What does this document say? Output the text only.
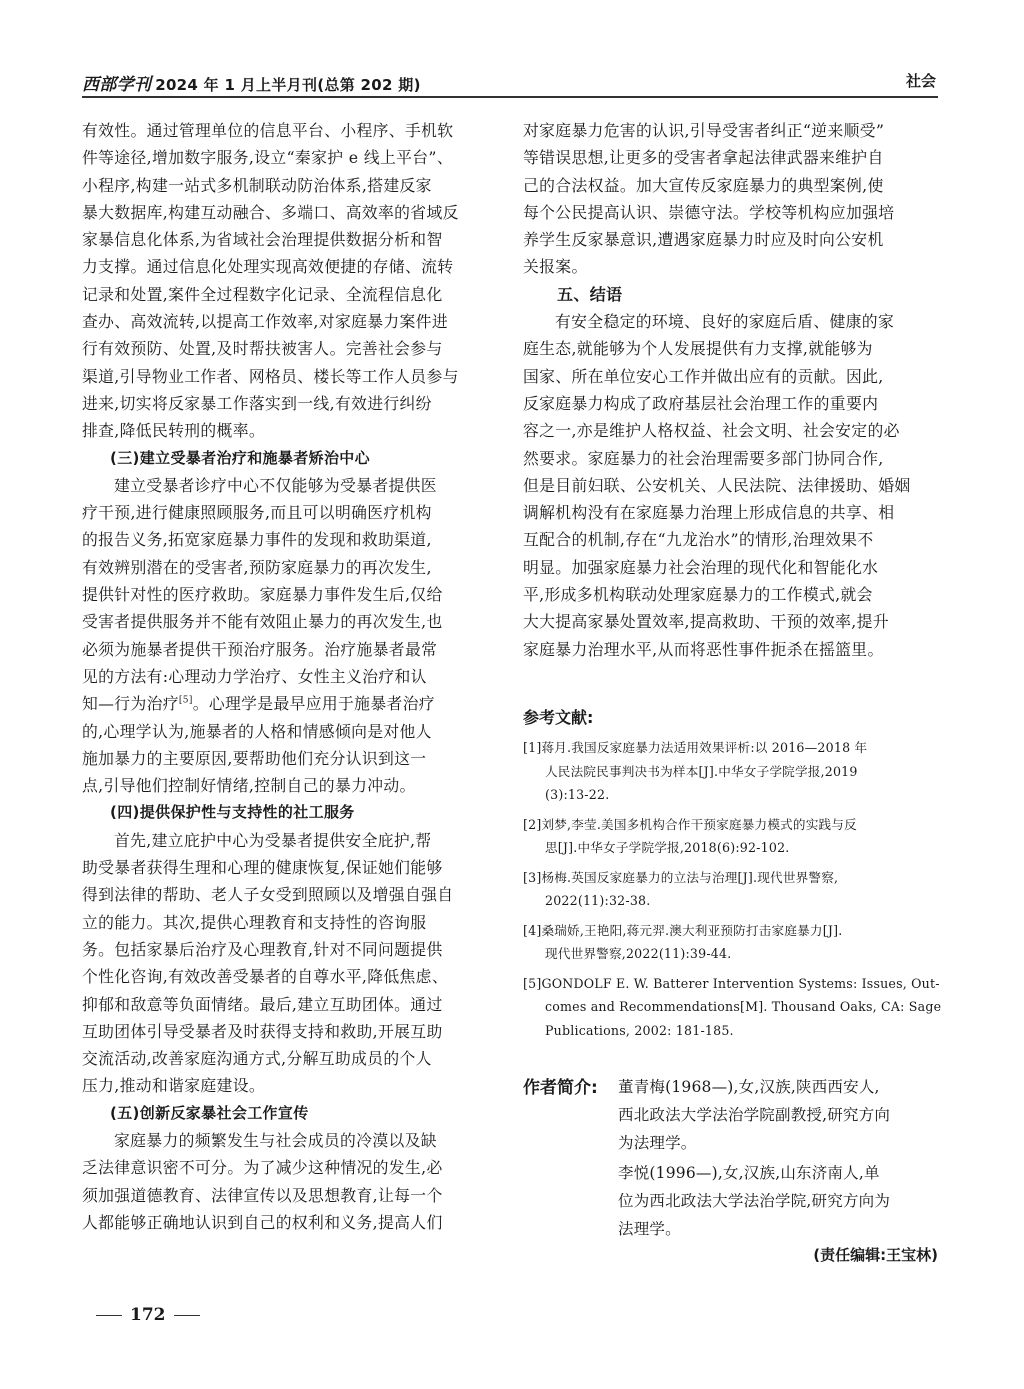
西部学刊 2024 年 1 月上半月刊(总第 202 期)	社会
有效性。通过管理单位的信息平台、小程序、手机软
件等途径,增加数字服务,设立“秦家护 e 线上平台”、
小程序,构建一站式多机制联动防治体系,搭建反家
暴大数据库,构建互动融合、多端口、高效率的省域反
家暴信息化体系,为省域社会治理提供数据分析和智
力支撑。通过信息化处理实现高效便捷的存储、流转
记录和处置,案件全过程数字化记录、全流程信息化
查办、高效流转,以提高工作效率,对家庭暴力案件进
行有效预防、处置,及时帮扶被害人。完善社会参与
渠道,引导物业工作者、网格员、楼长等工作人员参与
进来,切实将反家暴工作落实到一线,有效进行纠纷
排查,降低民转刑的概率。
(三)建立受暴者治疗和施暴者矫治中心
建立受暴者诊疗中心不仅能够为受暴者提供医
疗干预,进行健康照顾服务,而且可以明确医疗机构
的报告义务,拓宽家庭暴力事件的发现和救助渠道,
有效辨别潜在的受害者,预防家庭暴力的再次发生,
提供针对性的医疗救助。家庭暴力事件发生后,仅给
受害者提供服务并不能有效阻止暴力的再次发生,也
必须为施暴者提供干预治疗服务。治疗施暴者最常
见的方法有:心理动力学治疗、女性主义治疗和认
知—行为治疗[5]。心理学是最早应用于施暴者治疗
的,心理学认为,施暴者的人格和情感倾向是对他人
施加暴力的主要原因,要帮助他们充分认识到这一
点,引导他们控制好情绪,控制自己的暴力冲动。
(四)提供保护性与支持性的社工服务
首先,建立庇护中心为受暴者提供安全庇护,帮
助受暴者获得生理和心理的健康恢复,保证她们能够
得到法律的帮助、老人子女受到照顾以及增强自强自
立的能力。其次,提供心理教育和支持性的咨询服
务。包括家暴后治疗及心理教育,针对不同问题提供
个性化咨询,有效改善受暴者的自尊水平,降低焦虑、
抑郁和敌意等负面情绪。最后,建立互助团体。通过
互助团体引导受暴者及时获得支持和救助,开展互助
交流活动,改善家庭沟通方式,分解互助成员的个人
压力,推动和谐家庭建设。
(五)创新反家暴社会工作宣传
家庭暴力的频繁发生与社会成员的冷漠以及缺
乏法律意识密不可分。为了减少这种情况的发生,必
须加强道德教育、法律宣传以及思想教育,让每一个
人都能够正确地认识到自己的权利和义务,提高人们
对家庭暴力危害的认识,引导受害者纠正“逆来顺受”
等错误思想,让更多的受害者拿起法律武器来维护自
己的合法权益。加大宣传反家庭暴力的典型案例,使
每个公民提高认识、崇德守法。学校等机构应加强培
养学生反家暴意识,遭遇家庭暴力时应及时向公安机
关报案。
五、结语
有安全稳定的环境、良好的家庭后盾、健康的家
庭生态,就能够为个人发展提供有力支撑,就能够为
国家、所在单位安心工作并做出应有的贡献。因此,
反家庭暴力构成了政府基层社会治理工作的重要内
容之一,亦是维护人格权益、社会文明、社会安定的必
然要求。家庭暴力的社会治理需要多部门协同合作,
但是目前妇联、公安机关、人民法院、法律援助、婚姻
调解机构没有在家庭暴力治理上形成信息的共享、相
互配合的机制,存在“九龙治水”的情形,治理效果不
明显。加强家庭暴力社会治理的现代化和智能化水
平,形成多机构联动处理家庭暴力的工作模式,就会
大大提高家暴处置效率,提高救助、干预的效率,提升
家庭暴力治理水平,从而将恶性事件扼杀在摇篮里。
参考文献:
[1]蒋月.我国反家庭暴力法适用效果评析:以 2016—2018 年
人民法院民事判决书为样本[J].中华女子学院学报,2019
(3):13-22.
[2]刘梦,李莹.美国多机构合作干预家庭暴力模式的实践与反
思[J].中华女子学院学报,2018(6):92-102.
[3]杨梅.英国反家庭暴力的立法与治理[J].现代世界警察,
2022(11):32-38.
[4]桑瑞娇,王艳阳,蒋元羿.澳大利亚预防打击家庭暴力[J].
现代世界警察,2022(11):39-44.
[5]GONDOLF E. W. Batterer Intervention Systems: Issues, Out-
comes and Recommendations[M]. Thousand Oaks, CA: Sage
Publications, 2002: 181-185.
作者简介: 董青梅(1968—),女,汉族,陕西西安人,
西北政法大学法治学院副教授,研究方向
为法理学。
李悦(1996—),女,汉族,山东济南人,单
位为西北政法大学法治学院,研究方向为
法理学。
(责任编辑:王宝林)
172
